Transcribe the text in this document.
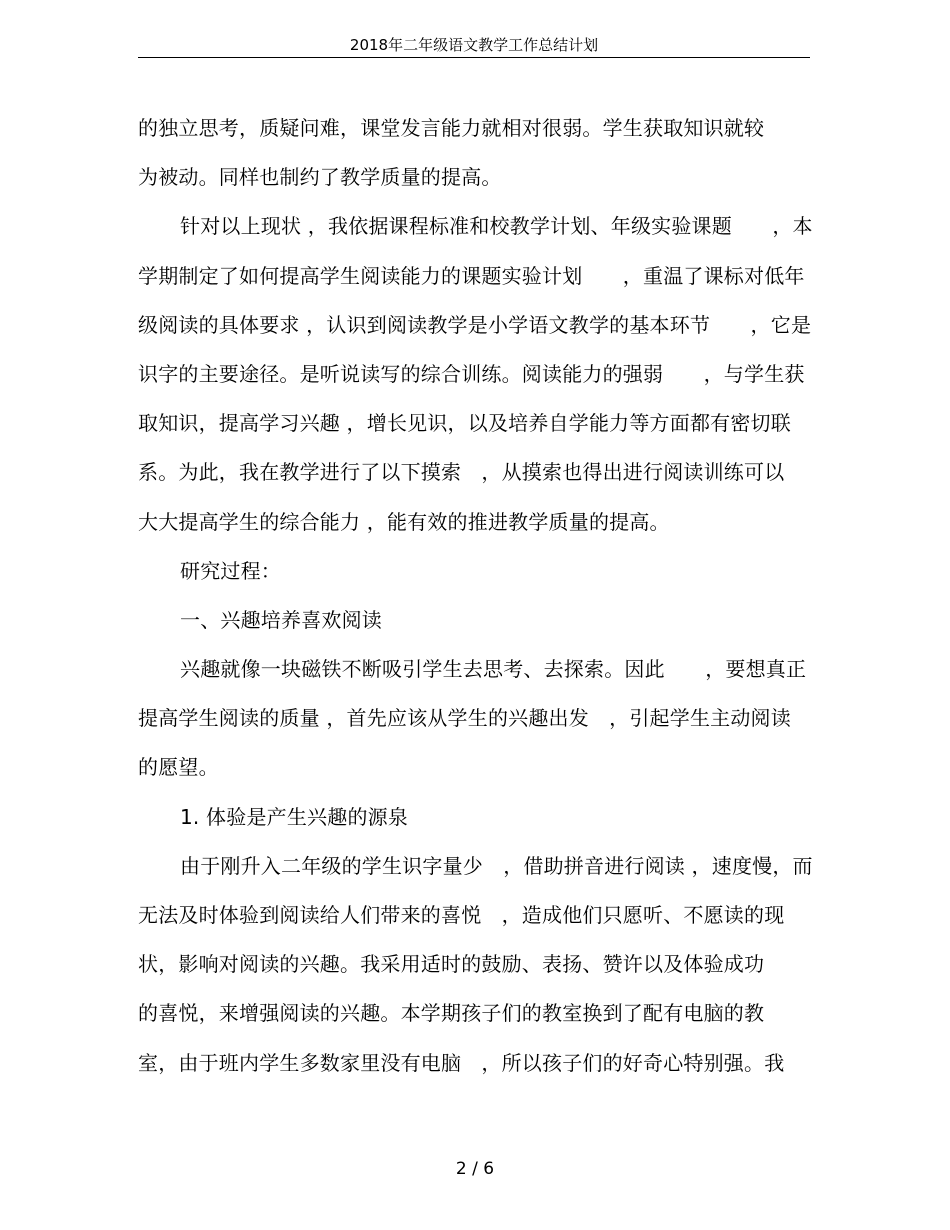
2018年二年级语文教学工作总结计划
的独立思考，质疑问难，课堂发言能力就相对很弱。学生获取知识就较
为被动。同样也制约了教学质量的提高。
针对以上现状 ，我依据课程标准和校教学计划、年级实验课题　　，本
学期制定了如何提高学生阅读能力的课题实验计划　　，重温了课标对低年
级阅读的具体要求 ，认识到阅读教学是小学语文教学的基本环节　　，它是
识字的主要途径。是听说读写的综合训练。阅读能力的强弱　　，与学生获
取知识，提高学习兴趣 ，增长见识，以及培养自学能力等方面都有密切联
系。为此，我在教学进行了以下摸索　，从摸索也得出进行阅读训练可以
大大提高学生的综合能力 ，能有效的推进教学质量的提高。
研究过程：
一、兴趣培养喜欢阅读
兴趣就像一块磁铁不断吸引学生去思考、去探索。因此　　，要想真正
提高学生阅读的质量 ，首先应该从学生的兴趣出发　，引起学生主动阅读
的愿望。
1. 体验是产生兴趣的源泉
由于刚升入二年级的学生识字量少　，借助拼音进行阅读 ，速度慢，而
无法及时体验到阅读给人们带来的喜悦　，造成他们只愿听、不愿读的现
状，影响对阅读的兴趣。我采用适时的鼓励、表扬、赞许以及体验成功
的喜悦，来增强阅读的兴趣。本学期孩子们的教室换到了配有电脑的教
室，由于班内学生多数家里没有电脑　，所以孩子们的好奇心特别强。我
2 / 6
